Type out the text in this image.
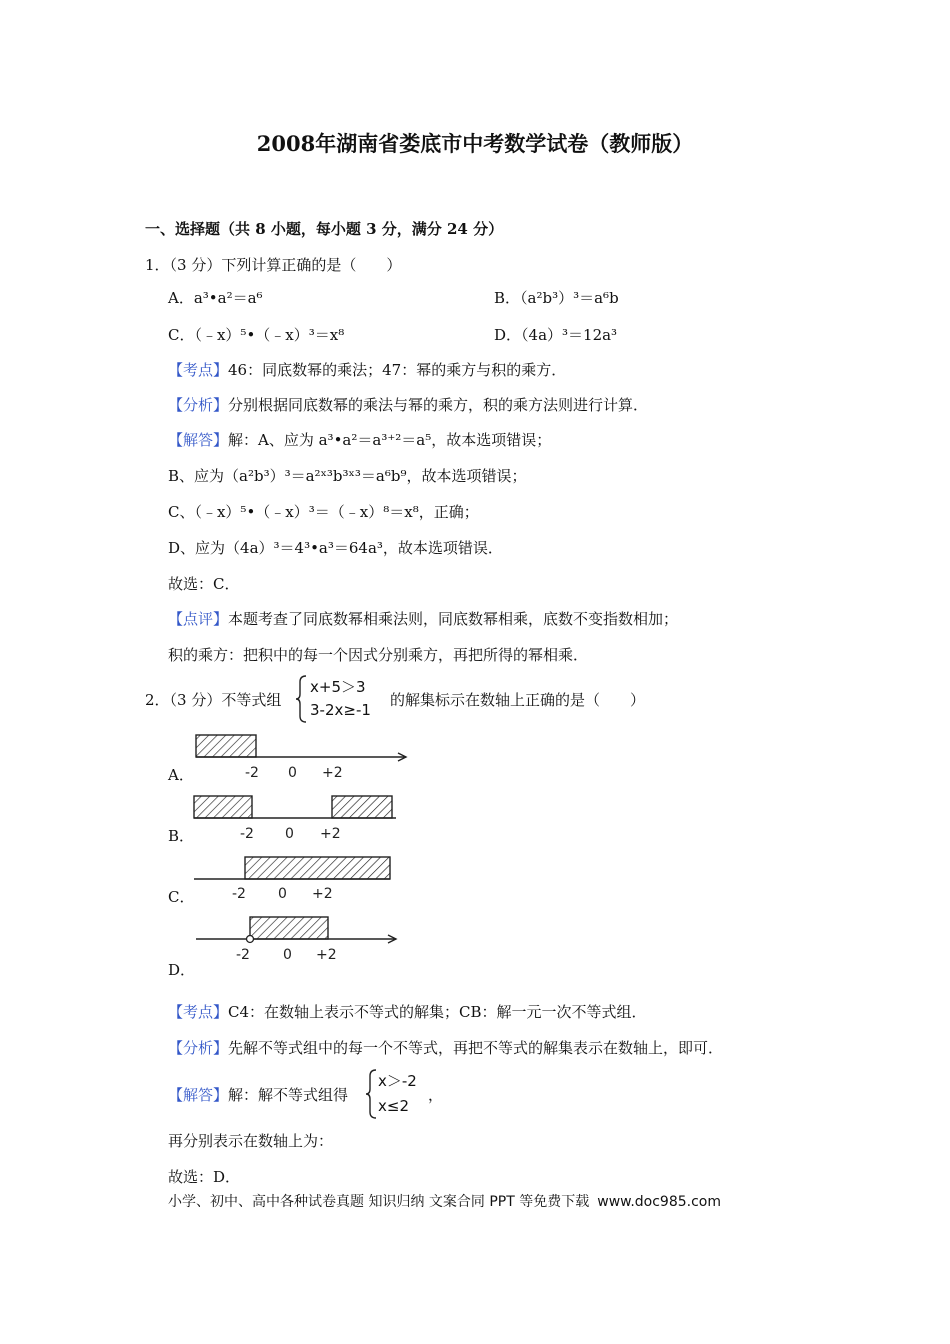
2008年湖南省娄底市中考数学试卷（教师版）
一、选择题（共 8 小题，每小题 3 分，满分 24 分）
1．（3 分）下列计算正确的是（　　）
A．a³•a²＝a⁶	B．（a²b³）³＝a⁶b
C．（﹣x）⁵•（﹣x）³＝x⁸	D．（4a）³＝12a³
【考点】46：同底数幂的乘法；47：幂的乘方与积的乘方．
【分析】分别根据同底数幂的乘法与幂的乘方，积的乘方法则进行计算．
【解答】解：A、应为 a³•a²＝a³⁺²＝a⁵，故本选项错误；
B、应为（a²b³）³＝a²ˣ³b³ˣ³＝a⁶b⁹，故本选项错误；
C、（﹣x）⁵•（﹣x）³＝（﹣x）⁸＝x⁸，正确；
D、应为（4a）³＝4³•a³＝64a³，故本选项错误．
故选：C．
【点评】本题考查了同底数幂相乘法则，同底数幂相乘，底数不变指数相加；
积的乘方：把积中的每一个因式分别乘方，再把所得的幂相乘．
2．（3 分）不等式组
x+5＞3
3-2x≥-1
的解集标示在数轴上正确的是（　　）
A．	-2 0 +2
B．	-2 0 +2
C．	-2 0 +2
D．
-2 0 +2
【考点】C4：在数轴上表示不等式的解集；CB：解一元一次不等式组．
【分析】先解不等式组中的每一个不等式，再把不等式的解集表示在数轴上，即可．
【解答】解：解不等式组得
x＞-2
x≤2
，
再分别表示在数轴上为：
故选：D．
小学、初中、高中各种试卷真题 知识归纳 文案合同 PPT 等免费下载 www.doc985.com
